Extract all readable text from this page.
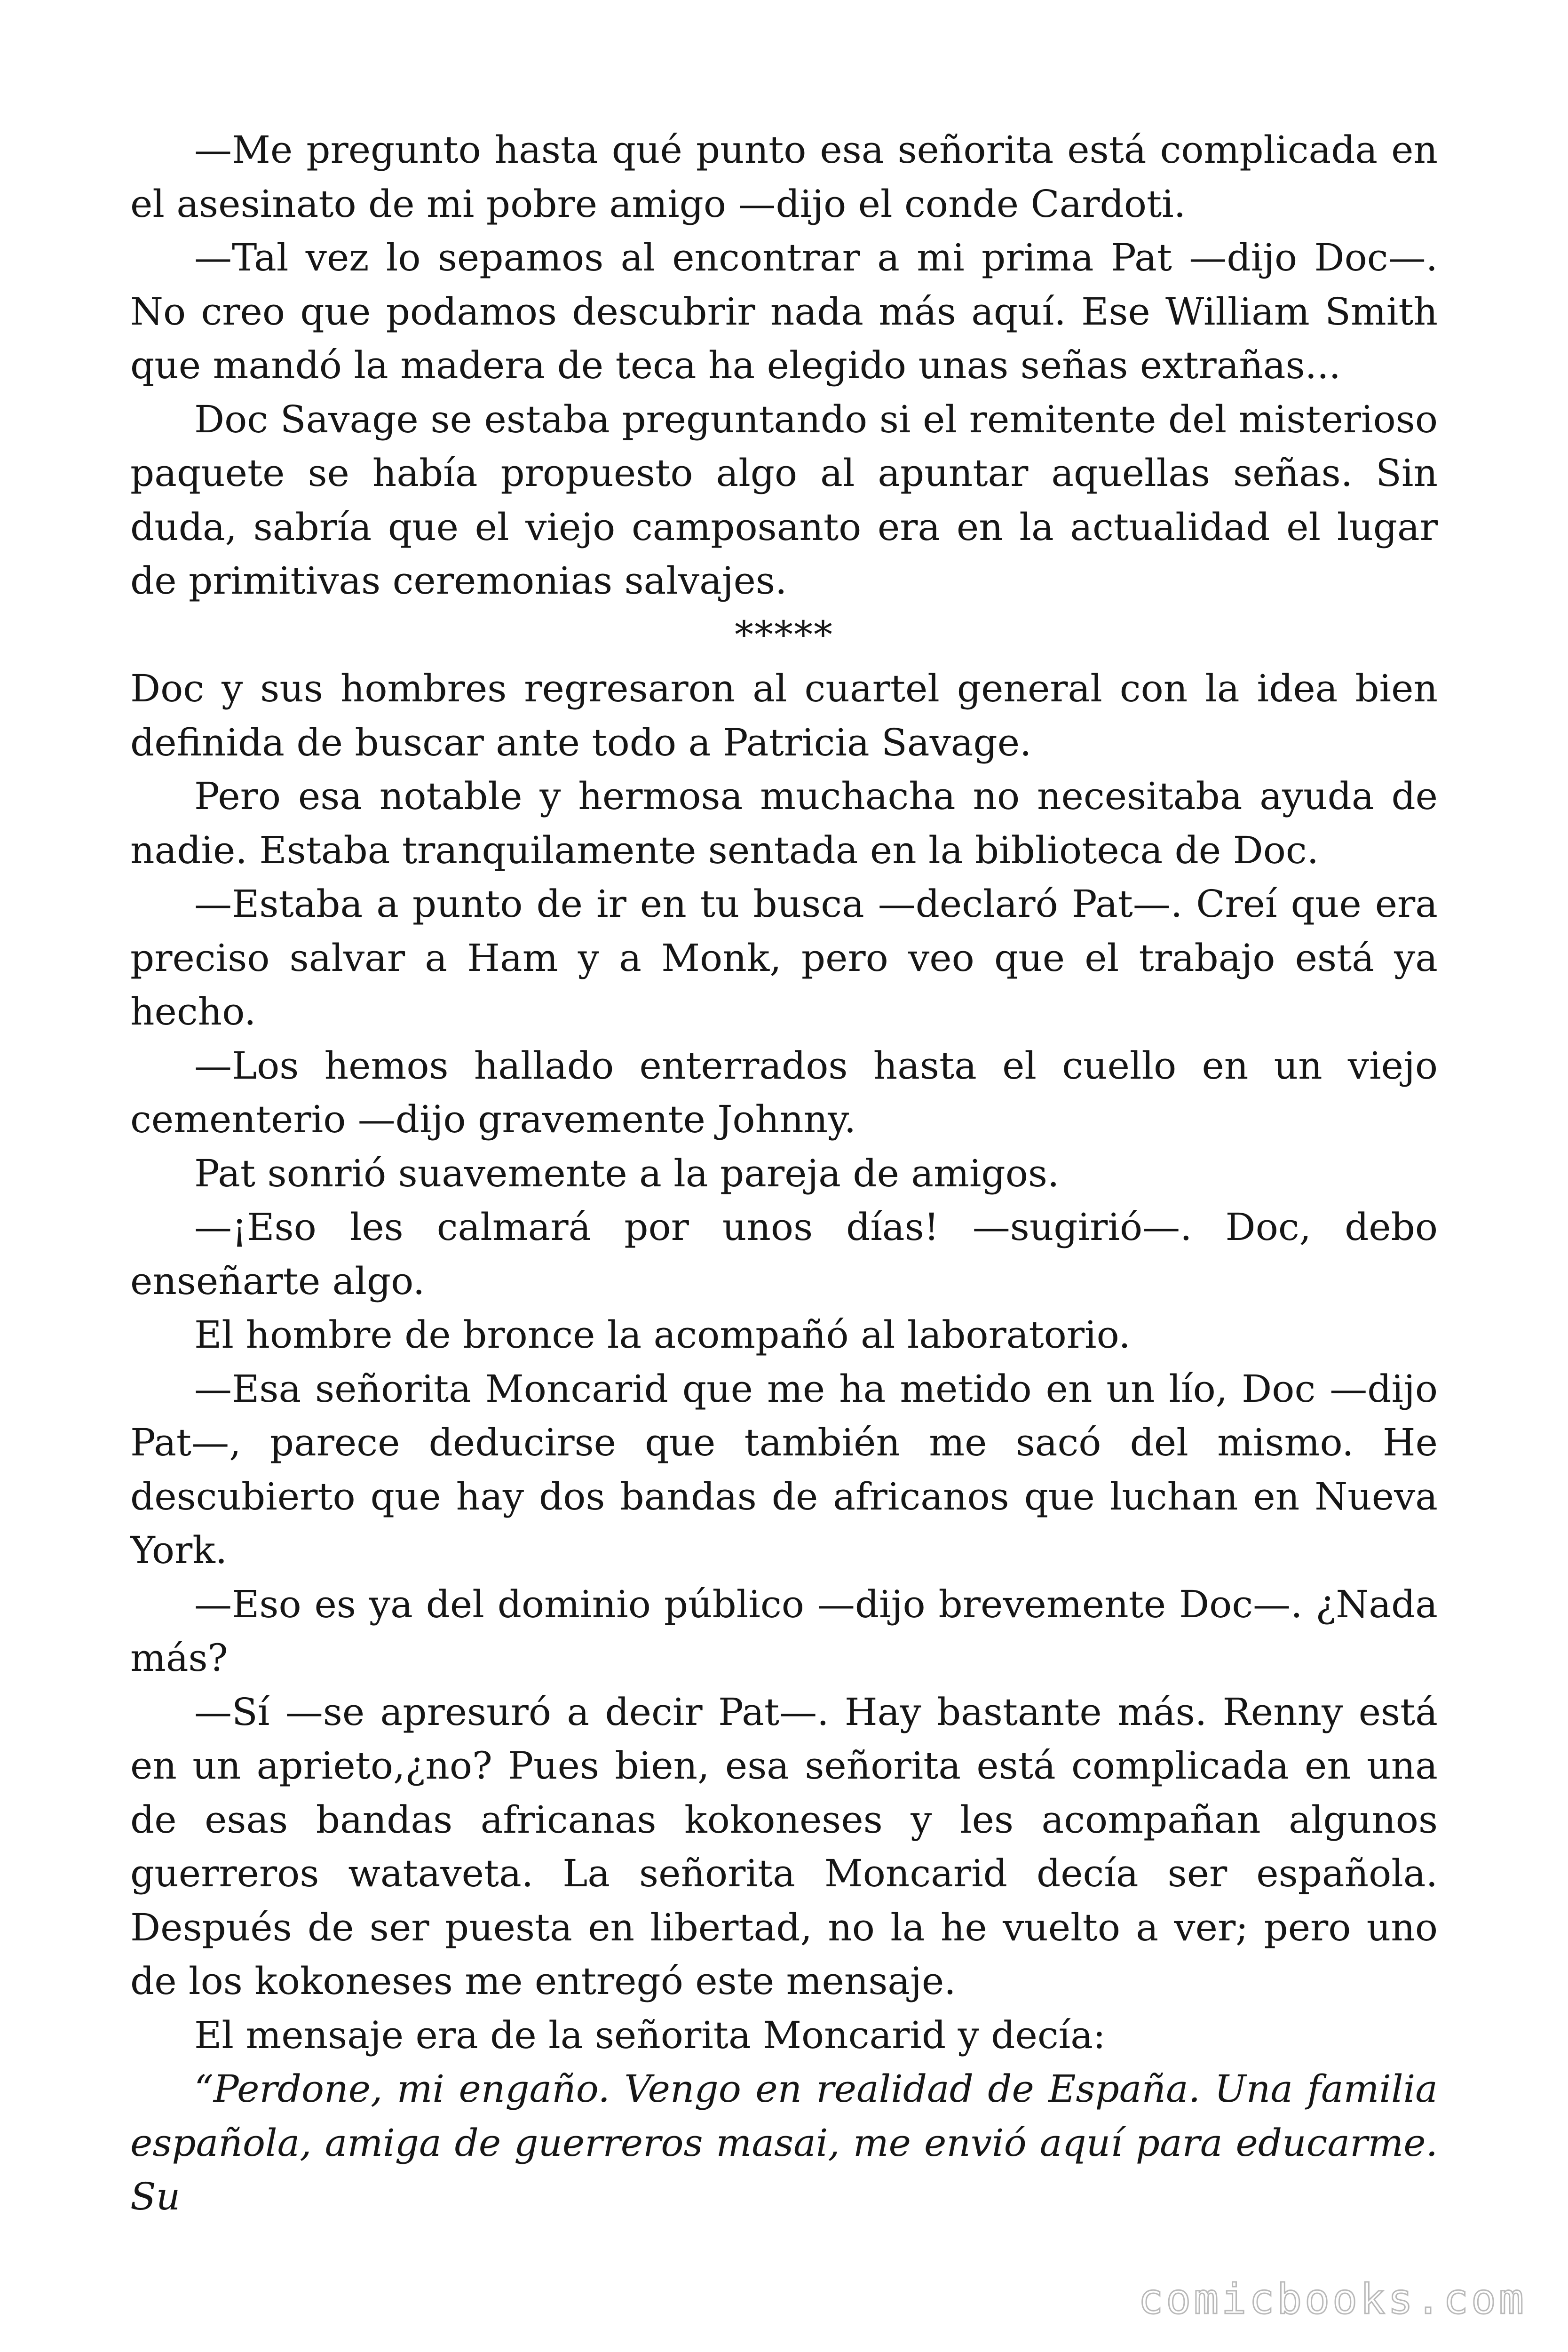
—Me pregunto hasta qué punto esa señorita está complicada en el asesinato de mi pobre amigo —dijo el conde Cardoti.

—Tal vez lo sepamos al encontrar a mi prima Pat —dijo Doc—. No creo que podamos descubrir nada más aquí. Ese William Smith que mandó la madera de teca ha elegido unas señas extrañas...

Doc Savage se estaba preguntando si el remitente del misterioso paquete se había propuesto algo al apuntar aquellas señas. Sin duda, sabría que el viejo camposanto era en la actualidad el lugar de primitivas ceremonias salvajes.

*****

Doc y sus hombres regresaron al cuartel general con la idea bien definida de buscar ante todo a Patricia Savage.

Pero esa notable y hermosa muchacha no necesitaba ayuda de nadie. Estaba tranquilamente sentada en la biblioteca de Doc.

—Estaba a punto de ir en tu busca —declaró Pat—. Creí que era preciso salvar a Ham y a Monk, pero veo que el trabajo está ya hecho.

—Los hemos hallado enterrados hasta el cuello en un viejo cementerio —dijo gravemente Johnny.

Pat sonrió suavemente a la pareja de amigos.

—¡Eso les calmará por unos días! —sugirió—. Doc, debo enseñarte algo.

El hombre de bronce la acompañó al laboratorio.

—Esa señorita Moncarid que me ha metido en un lío, Doc —dijo Pat—, parece deducirse que también me sacó del mismo. He descubierto que hay dos bandas de africanos que luchan en Nueva York.

—Eso es ya del dominio público —dijo brevemente Doc—. ¿Nada más?

—Sí —se apresuró a decir Pat—. Hay bastante más. Renny está en un aprieto,¿no? Pues bien, esa señorita está complicada en una de esas bandas africanas kokoneses y les acompañan algunos guerreros wataveta. La señorita Moncarid decía ser española. Después de ser puesta en libertad, no la he vuelto a ver; pero uno de los kokoneses me entregó este mensaje.

El mensaje era de la señorita Moncarid y decía:

“Perdone, mi engaño. Vengo en realidad de España. Una familia española, amiga de guerreros masai, me envió aquí para educarme. Su

comicbooks.com
